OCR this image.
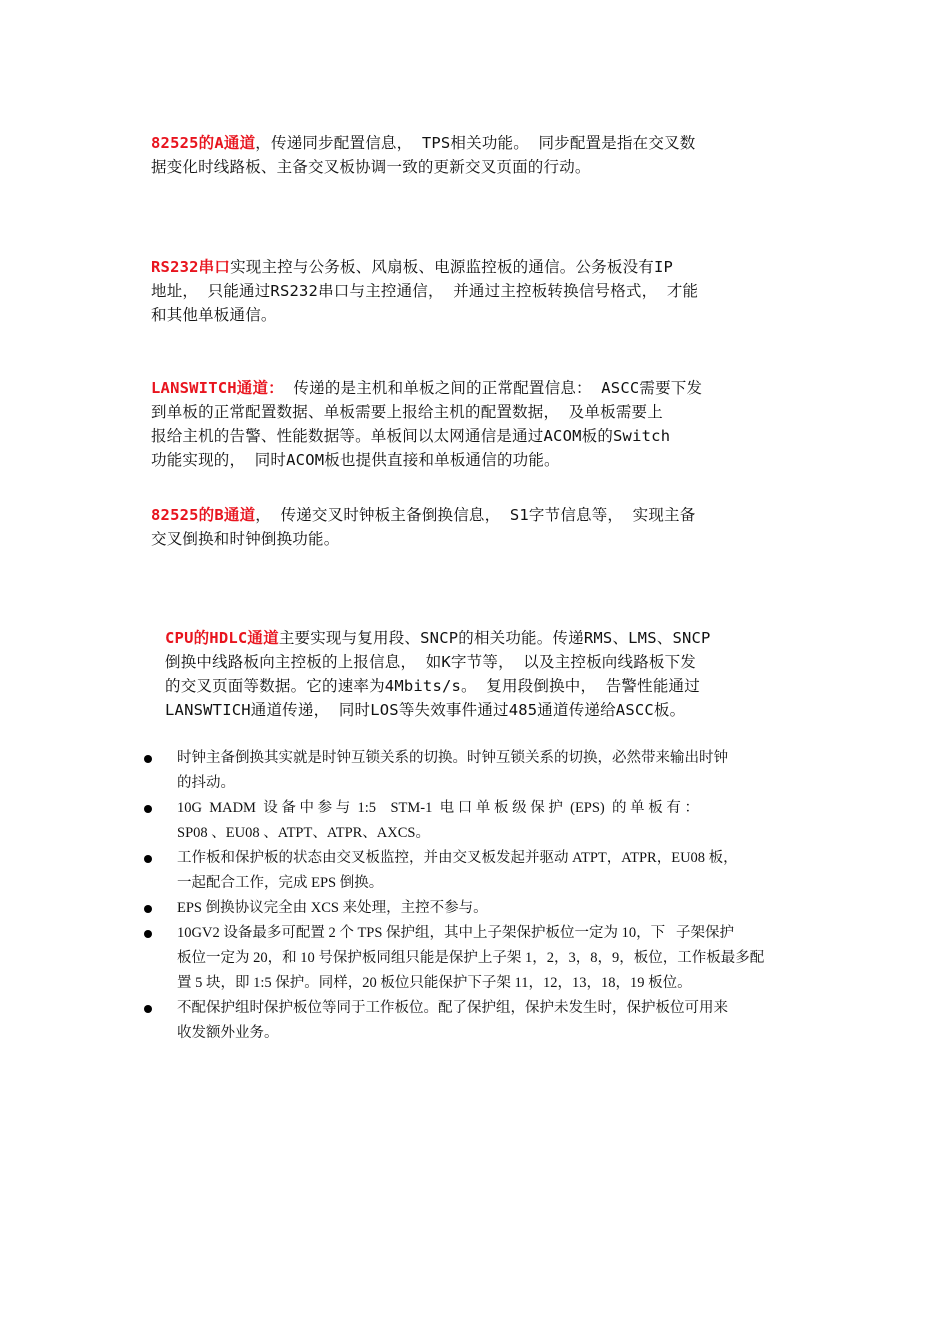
82525的A通道，传递同步配置信息， TPS相关功能。 同步配置是指在交叉数
据变化时线路板、主备交叉板协调一致的更新交叉页面的行动。
RS232串口实现主控与公务板、风扇板、电源监控板的通信。公务板没有IP
地址， 只能通过RS232串口与主控通信， 并通过主控板转换信号格式， 才能
和其他单板通信。
LANSWITCH通道： 传递的是主机和单板之间的正常配置信息： ASCC需要下发
到单板的正常配置数据、单板需要上报给主机的配置数据， 及单板需要上
报给主机的告警、性能数据等。单板间以太网通信是通过ACOM板的Switch
功能实现的， 同时ACOM板也提供直接和单板通信的功能。
82525的B通道， 传递交叉时钟板主备倒换信息， S1字节信息等， 实现主备
交叉倒换和时钟倒换功能。
CPU的HDLC通道主要实现与复用段、SNCP的相关功能。传递RMS、LMS、SNCP
倒换中线路板向主控板的上报信息， 如K字节等， 以及主控板向线路板下发
的交叉页面等数据。它的速率为4Mbits/s。 复用段倒换中， 告警性能通过
LANSWTICH通道传递， 同时LOS等失效事件通过485通道传递给ASCC板。
时钟主备倒换其实就是时钟互锁关系的切换。时钟互锁关系的切换，必然带来输出时钟
的抖动。
10G  MADM  设 备 中 参 与  1:5    STM-1  电 口 单 板 级 保 护  (EPS)  的 单 板 有 ：
SP08 、EU08 、ATPT、ATPR、AXCS。
工作板和保护板的状态由交叉板监控，并由交叉板发起并驱动 ATPT，ATPR，EU08 板，
一起配合工作，完成 EPS 倒换。
EPS 倒换协议完全由 XCS 来处理，主控不参与。
10GV2 设备最多可配置 2 个 TPS 保护组，其中上子架保护板位一定为 10，下   子架保护
板位一定为 20，和 10 号保护板同组只能是保护上子架 1，2，3，8，9，板位，工作板最多配
置 5 块，即 1:5 保护。同样，20 板位只能保护下子架 11，12，13，18，19 板位。
不配保护组时保护板位等同于工作板位。配了保护组，保护未发生时，保护板位可用来
收发额外业务。
